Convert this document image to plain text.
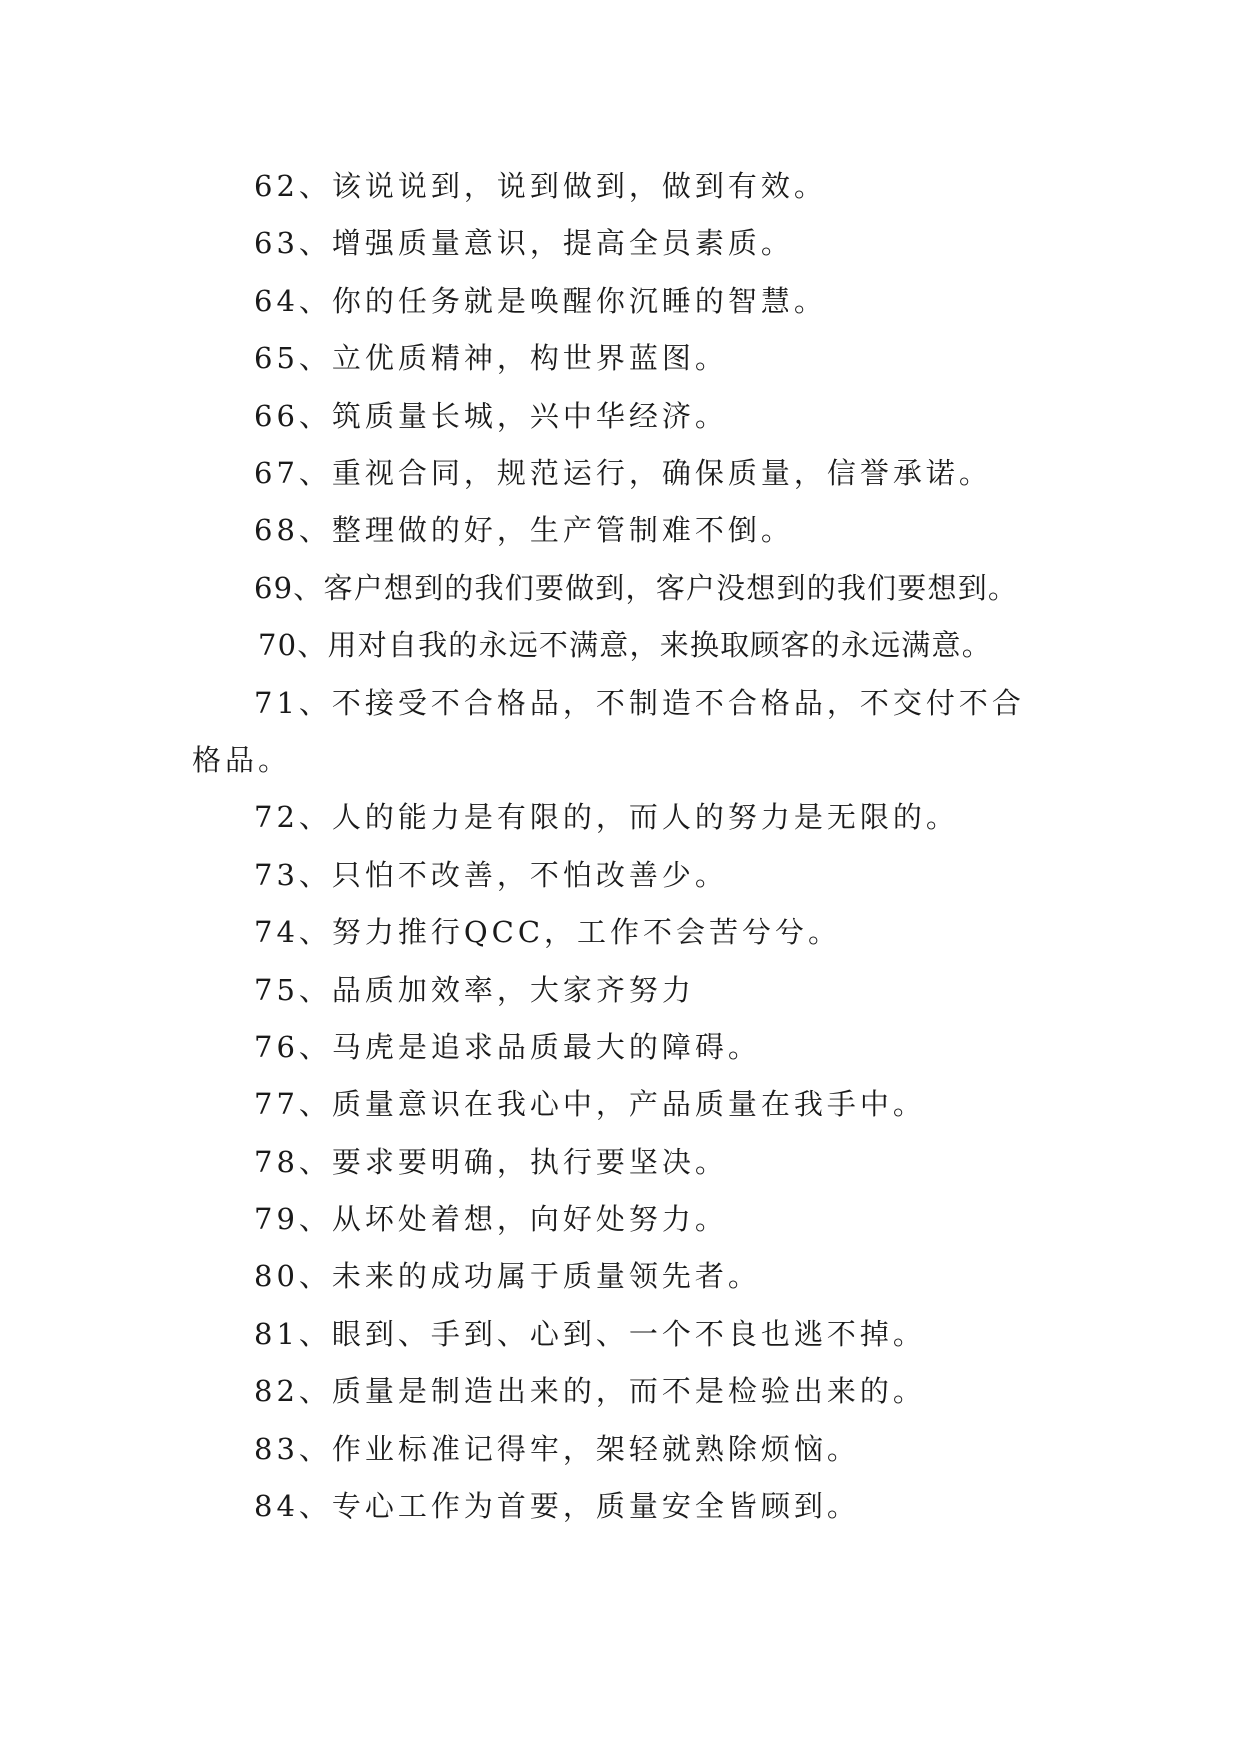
62、该说说到，说到做到，做到有效。
63、增强质量意识，提高全员素质。
64、你的任务就是唤醒你沉睡的智慧。
65、立优质精神，构世界蓝图。
66、筑质量长城，兴中华经济。
67、重视合同，规范运行，确保质量，信誉承诺。
68、整理做的好，生产管制难不倒。
69、客户想到的我们要做到，客户没想到的我们要想到。
70、用对自我的永远不满意，来换取顾客的永远满意。
71、不接受不合格品，不制造不合格品，不交付不合格品。
72、人的能力是有限的，而人的努力是无限的。
73、只怕不改善，不怕改善少。
74、努力推行QCC，工作不会苦兮兮。
75、品质加效率，大家齐努力
76、马虎是追求品质最大的障碍。
77、质量意识在我心中，产品质量在我手中。
78、要求要明确，执行要坚决。
79、从坏处着想，向好处努力。
80、未来的成功属于质量领先者。
81、眼到、手到、心到、一个不良也逃不掉。
82、质量是制造出来的，而不是检验出来的。
83、作业标准记得牢，架轻就熟除烦恼。
84、专心工作为首要，质量安全皆顾到。
